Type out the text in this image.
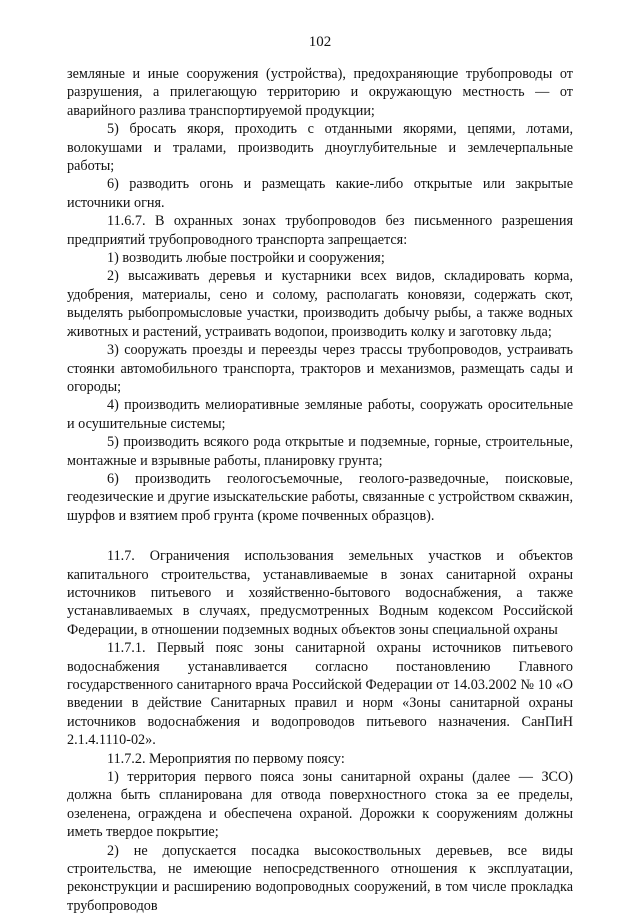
102

земляные и иные сооружения (устройства), предохраняющие трубопроводы от разрушения, а прилегающую территорию и окружающую местность — от аварийного разлива транспортируемой продукции;

5) бросать якоря, проходить с отданными якорями, цепями, лотами, волокушами и тралами, производить дноуглубительные и землечерпальные работы;

6) разводить огонь и размещать какие-либо открытые или закрытые источники огня.

11.6.7. В охранных зонах трубопроводов без письменного разрешения предприятий трубопроводного транспорта запрещается:

1) возводить любые постройки и сооружения;

2) высаживать деревья и кустарники всех видов, складировать корма, удобрения, материалы, сено и солому, располагать коновязи, содержать скот, выделять рыбопромысловые участки, производить добычу рыбы, а также водных животных и растений, устраивать водопои, производить колку и заготовку льда;

3) сооружать проезды и переезды через трассы трубопроводов, устраивать стоянки автомобильного транспорта, тракторов и механизмов, размещать сады и огороды;

4) производить мелиоративные земляные работы, сооружать оросительные и осушительные системы;

5) производить всякого рода открытые и подземные, горные, строительные, монтажные и взрывные работы, планировку грунта;

6) производить геологосъемочные, геолого-разведочные, поисковые, геодезические и другие изыскательские работы, связанные с устройством скважин, шурфов и взятием проб грунта (кроме почвенных образцов).

11.7. Ограничения использования земельных участков и объектов капитального строительства, устанавливаемые в зонах санитарной охраны источников питьевого и хозяйственно-бытового водоснабжения, а также устанавливаемых в случаях, предусмотренных Водным кодексом Российской Федерации, в отношении подземных водных объектов зоны специальной охраны

11.7.1. Первый пояс зоны санитарной охраны источников питьевого водоснабжения устанавливается согласно постановлению Главного государственного санитарного врача Российской Федерации от 14.03.2002 № 10 «О введении в действие Санитарных правил и норм «Зоны санитарной охраны источников водоснабжения и водопроводов питьевого назначения. СанПиН 2.1.4.1110-02».

11.7.2. Мероприятия по первому поясу:

1) территория первого пояса зоны санитарной охраны (далее — ЗСО) должна быть спланирована для отвода поверхностного стока за ее пределы, озеленена, ограждена и обеспечена охраной. Дорожки к сооружениям должны иметь твердое покрытие;

2) не допускается посадка высокоствольных деревьев, все виды строительства, не имеющие непосредственного отношения к эксплуатации, реконструкции и расширению водопроводных сооружений, в том числе прокладка трубопроводов
